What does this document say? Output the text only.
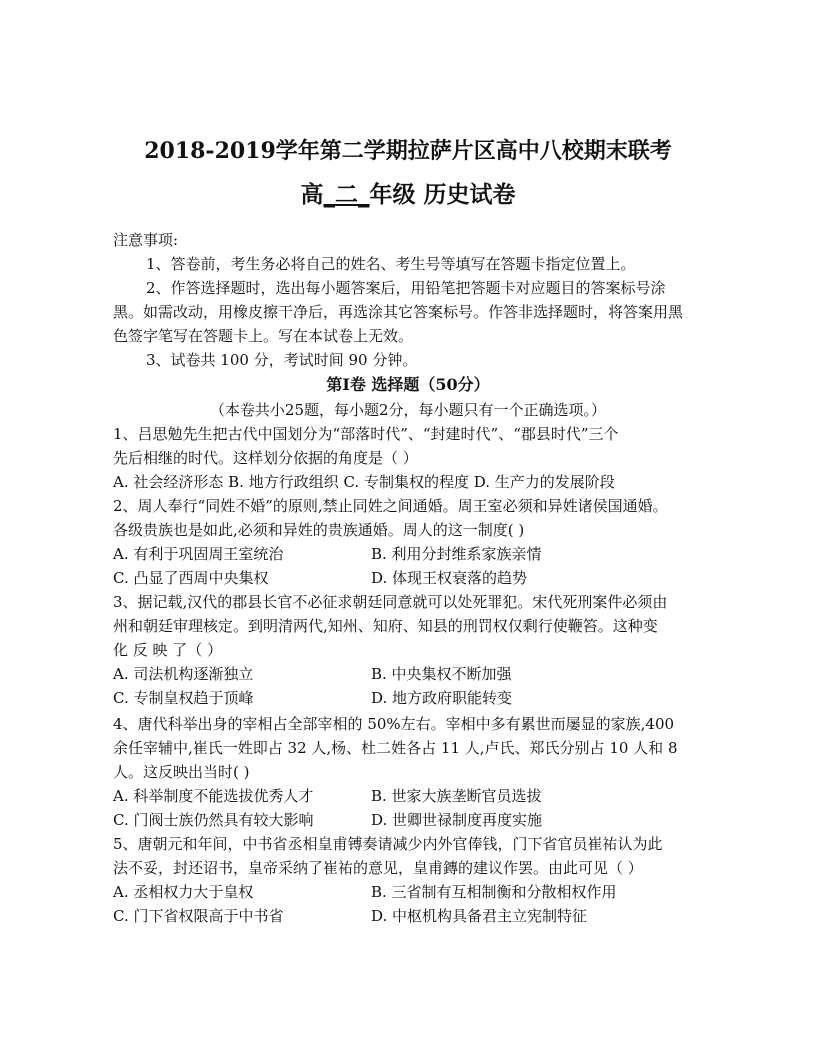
2018-2019学年第二学期拉萨片区高中八校期末联考
高_二_年级 历史试卷
注意事项:
1、答卷前，考生务必将自己的姓名、考生号等填写在答题卡指定位置上。
2、作答选择题时，选出每小题答案后，用铅笔把答题卡对应题目的答案标号涂
黑。如需改动，用橡皮擦干净后，再选涂其它答案标号。作答非选择题时，将答案用黑
色签字笔写在答题卡上。写在本试卷上无效。
3、试卷共 100 分，考试时间 90 分钟。
第Ⅰ卷 选择题（50分）
（本卷共小25题，每小题2分，每小题只有一个正确选项。）
1、吕思勉先生把古代中国划分为“部落时代”、“封建时代”、“郡县时代”三个
先后相继的时代。这样划分依据的角度是（ ）
A. 社会经济形态 B. 地方行政组织 C. 专制集权的程度 D. 生产力的发展阶段
2、周人奉行“同姓不婚”的原则,禁止同姓之间通婚。周王室必须和异姓诸侯国通婚。
各级贵族也是如此,必须和异姓的贵族通婚。周人的这一制度( )
A. 有利于巩固周王室统治	B. 利用分封维系家族亲情
C. 凸显了西周中央集权	D. 体现王权衰落的趋势
3、据记载,汉代的郡县长官不必征求朝廷同意就可以处死罪犯。宋代死刑案件必须由
州和朝廷审理核定。到明清两代,知州、知府、知县的刑罚权仅剩行使鞭笞。这种变
化 反 映 了（ ）
A. 司法机构逐渐独立	B. 中央集权不断加强
C. 专制皇权趋于顶峰	D. 地方政府职能转变
4、唐代科举出身的宰相占全部宰相的 50%左右。宰相中多有累世而屡显的家族,400
余任宰辅中,崔氏一姓即占 32 人,杨、杜二姓各占 11 人,卢氏、郑氏分别占 10 人和 8
人。这反映出当时( )
A. 科举制度不能选拔优秀人才	B. 世家大族垄断官员选拔
C. 门阀士族仍然具有较大影响	D. 世卿世禄制度再度实施
5、唐朝元和年间，中书省丞相皇甫镈奏请减少内外官俸钱，门下省官员崔祐认为此
法不妥，封还诏书，皇帝采纳了崔祐的意见，皇甫鏄的建议作罢。由此可见（ ）
A. 丞相权力大于皇权	B. 三省制有互相制衡和分散相权作用
C. 门下省权限高于中书省	D. 中枢机构具备君主立宪制特征
